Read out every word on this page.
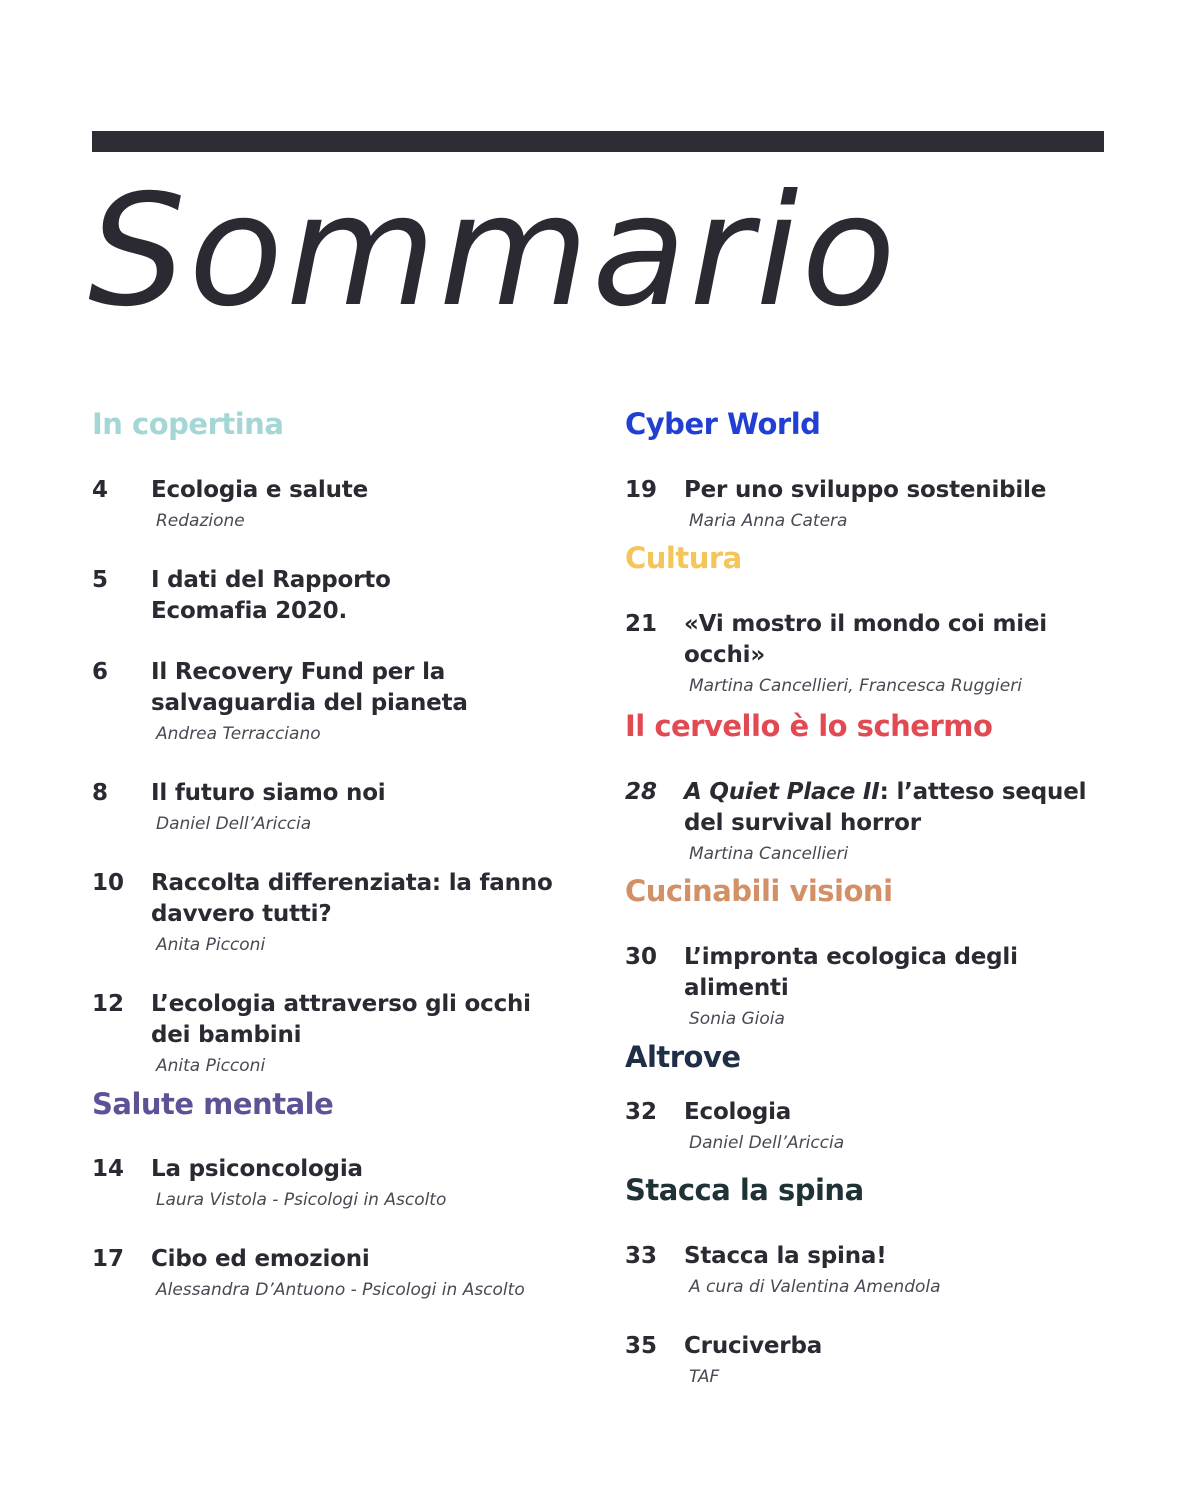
Sommario
In copertina
4	Ecologia e salute
Redazione
5	I dati del Rapporto Ecomafia 2020.
6	Il Recovery Fund per la salvaguardia del pianeta
Andrea Terracciano
8	Il futuro siamo noi
Daniel Dell’Ariccia
10	Raccolta differenziata: la fanno davvero tutti?
Anita Picconi
12	L’ecologia attraverso gli occhi dei bambini
Anita Picconi
Salute mentale
14	La psiconcologia
Laura Vistola - Psicologi in Ascolto
17	Cibo ed emozioni
Alessandra D’Antuono - Psicologi in Ascolto
Cyber World
19	Per uno sviluppo sostenibile
Maria Anna Catera
Cultura
21	«Vi mostro il mondo coi miei occhi»
Martina Cancellieri, Francesca Ruggieri
Il cervello è lo schermo
28	A Quiet Place II: l’atteso sequel del survival horror
Martina Cancellieri
Cucinabili visioni
30	L’impronta ecologica degli alimenti
Sonia Gioia
Altrove
32	Ecologia
Daniel Dell’Ariccia
Stacca la spina
33	Stacca la spina!
A cura di Valentina Amendola
35	Cruciverba
TAF
